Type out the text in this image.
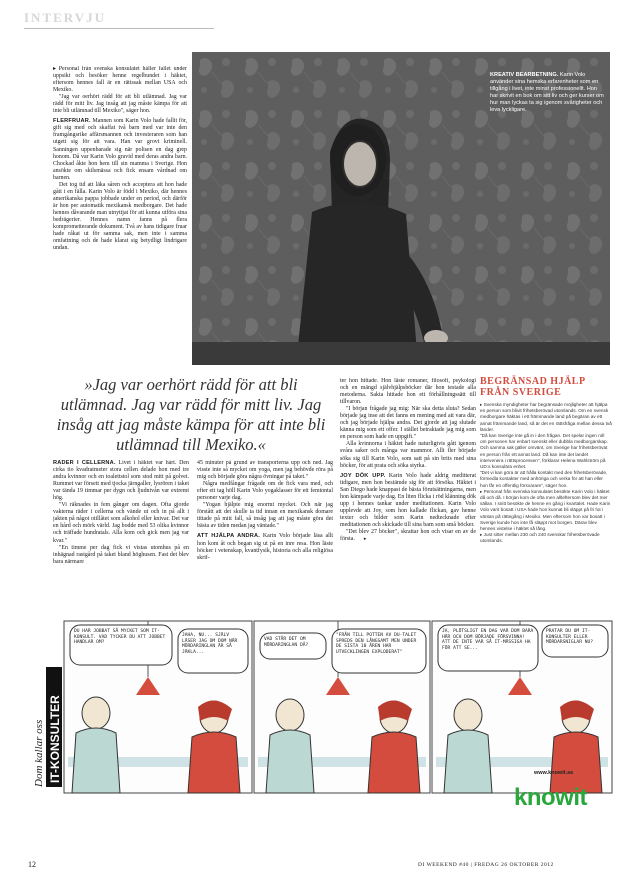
INTERVJU

▸ Personal från svenska konsulatet håller fallet under uppsikt och besöker henne regelbundet i häktet, eftersom hennes fall är en rättssak mellan USA och Mexiko.

"Jag var oerhört rädd för att bli utlämnad. Jag var rädd för mitt liv. Jag insåg att jag måste kämpa för att inte bli utlämnad till Mexiko", säger hon.

FLERFRUAR. Mannen som Karin Volo hade fallit för, gift sig med och skaffat två barn med var inte den framgångsrike affärsmannen och investeraren som han utgett sig för att vara. Han var grovt kriminell. Sanningen uppenbarade sig när polisen en dag grep honom. Då var Karin Volo gravid med deras andra barn. Chockad åkte hon hem till sin mamma i Sverige. Hon ansökte om skilsmässa och fick ensam vårdnad om barnen.

Det tog tid att läka såren och acceptera att hon hade gått i en fälla. Karin Volo är född i Mexiko, där hennes amerikanska pappa jobbade under en period, och därför är hon per automatik mexikansk medborgare. Det hade hennes dåvarande man utnyttjat för att kunna utföra sina bedrägerier. Hennes namn fanns på flera komprometterande dokument. Två av hans tidigare fruar hade råkat ut för samma sak, men inte i samma omfattning och de hade klarat sig betydligt lindrigare undan.

KREATIV BEARBETNING. Karin Volo använder sina hemska erfarenheter som en tillgång i livet, inte minst professionellt. Hon har skrivit en bok om sitt liv och ger kurser om hur man lyckas ta sig igenom svårigheter och leva lyckligare.
»Jag var oerhört rädd för att bli utlämnad. Jag var rädd för mitt liv. Jag insåg att jag måste kämpa för att inte bli utlämnad till Mexiko.«

RÄDER I CELLERNA. Livet i häktet var hårt. Den cirka tio kvadratmeter stora cellen delade hon med tre andra kvinnor och en toalettstol som stod mitt på golvet. Rummet var försett med tjocka järngaller, lysrören i taket var tända 19 timmar per dygn och ljudnivån var extremt hög.

"Vi räknades in fem gånger om dagen. Ofta gjorde vakterna räder i cellerna och vände ut och in på allt i jakten på något otillåtet som alkohol eller knivar. Det var en hård och mörk värld. Jag bodde med 53 olika kvinnor och träffade hundratals. Alla kom och gick men jag var kvar."

"En timme per dag fick vi vistas utomhus på en inhägnad rastgård på taket bland höghusen. Fast det blev bara närmare

45 minuter på grund av transporterna upp och ned. Jag visste inte så mycket om yoga, men jag behövde röra på mig och började göra några övningar på taket."

Några medfångar frågade om de fick vara med, och efter ett tag höll Karin Volo yogaklasser för ett femtontal personer varje dag.

"Yogan hjälpte mig enormt mycket. Och när jag förstått att det skulle ta tid innan en mexikansk domare tittade på mitt fall, så insåg jag att jag måste göra det bästa av tiden medan jag väntade."

ATT HJÄLPA ANDRA. Karin Volo började läsa allt hon kom åt och began sig ut på en inre resa. Hon läste böcker i vetenskap, kvantfysik, historia och alla religiösa skrif-

ter hon hittade. Hon läste romaner, filosofi, psykologi och en mängd självhjälpsböcker där hon testade alla metoderna. Sakta hittade hon ett förhållningssätt till tillvaron.

"I början frågade jag mig: När ska detta sluta? Sedan började jag inse att det fanns en mening med att vara där, och jag började hjälpa andra. Det gjorde att jag slutade känna mig som ett offer. I stället betraktade jag mig som en person som hade en uppgift."

Alla kvinnorna i häktet hade naturligtvis gått igenom svåra saker och många var mammor. Allt fler började söka sig till Karin Volo, som satt på sin brits med sina böcker, för att prata och söka styrka.

JOY DÖK UPP. Karin Volo hade aldrig meditterat tidigare, men hon bestämde sig för att försöka. Häktet i San Diego hade knappast de bästa förutsättningarna, men hon kämpade varje dag. En liten flicka i röd klänning dök upp i hennes tankar under meditationen. Karin Volo upplevde att Joy, som hon kallade flickan, gav henne texter och bilder som Karin nedtecknade efter meditationen och skickade till sina barn som små böcker.

"Det blev 27 böcker", skrattar hon och visar en av de första. ▸

BEGRÄNSAD HJÄLP FRÅN SVERIGE

▸ Svenska myndigheter har begränsade möjligheter att hjälpa en person som blivit frihetsberövad utomlands. Om en svensk medborgare häktas i ett främmande land på begäran av ett annat främmande land, så är det en rättsfråga mellan dessa två länder.

"Då kan Sverige inte gå in i den frågan. Det spelar ingen roll om personen har enbart svenskt eller dubbla medborgarskap. Och samma sak gäller omvänt, om Sverige har frihetsberövat en person från ett annat land. Då kan inte det landet intervenera i rättsprocessen", förklarar Helena Wahlström på UD:s konsulära enhet.

"Det vi kan göra är att hålla kontakt med den frihetsberövade, förmedla kontakter med anhöriga och verka för att han eller hon får en offentlig försvarare", säger hon.

▸ Personal från svenska konsulatet besökte Karin Volo i häktet då och då. I början kom de ofta men allteftersom blev det mer sällan. I snitt besökte de henne en gång i kvartalet. Hade Karin Volo varit bosatt i USA hade hon kunnat bli släppt på fri fot i väntan på rättegång i Mexiko. Men eftersom hon var bosatt i Sverige kunde hon inte få släppt mot borgen. Därav blev hennes vistelse i häktet så lång.

▸ Just sitter mellan 230 och 240 svenskar frihetsberövade utomlands.

Dom kallar oss IT-KONSULTER
DU HAR JOBBAT SÅ MYCKET SOM IT-KONSULT. VAD TYCKER DU ATT JOBBET HANDLAR OM?
JAHA, NU... SJÄLV LÄSER JAG OM DOM NÄR MÖRDARINGLAN ÄR SÅ JÄKLA...
VAD STÅR DET OM MÖRDARINGLAN DÅ?
"FRÅN TILL POTTEN AV DU-TALET SPREDS DEN LÅNGSAMT MEN UNDER DE SISTA 10 ÅREN HAR UTVECKLINGEN EXPLODERAT"
JA, PLÖTSLIGT EN DAG VAR DOM BARA HÄR OCH DOM BÖRJADE FÖRSVINNA! ATT DE INTE VAR SÅ IT-MÄSSIGA HA FÖR ATT SE...
PRATAR DU OM IT-KONSULTER ELLER MÖRDARSNIGLAR NU?
www.knowit.se
knowit
12	DI WEEKEND #40 | FREDAG 26 OKTOBER 2012
